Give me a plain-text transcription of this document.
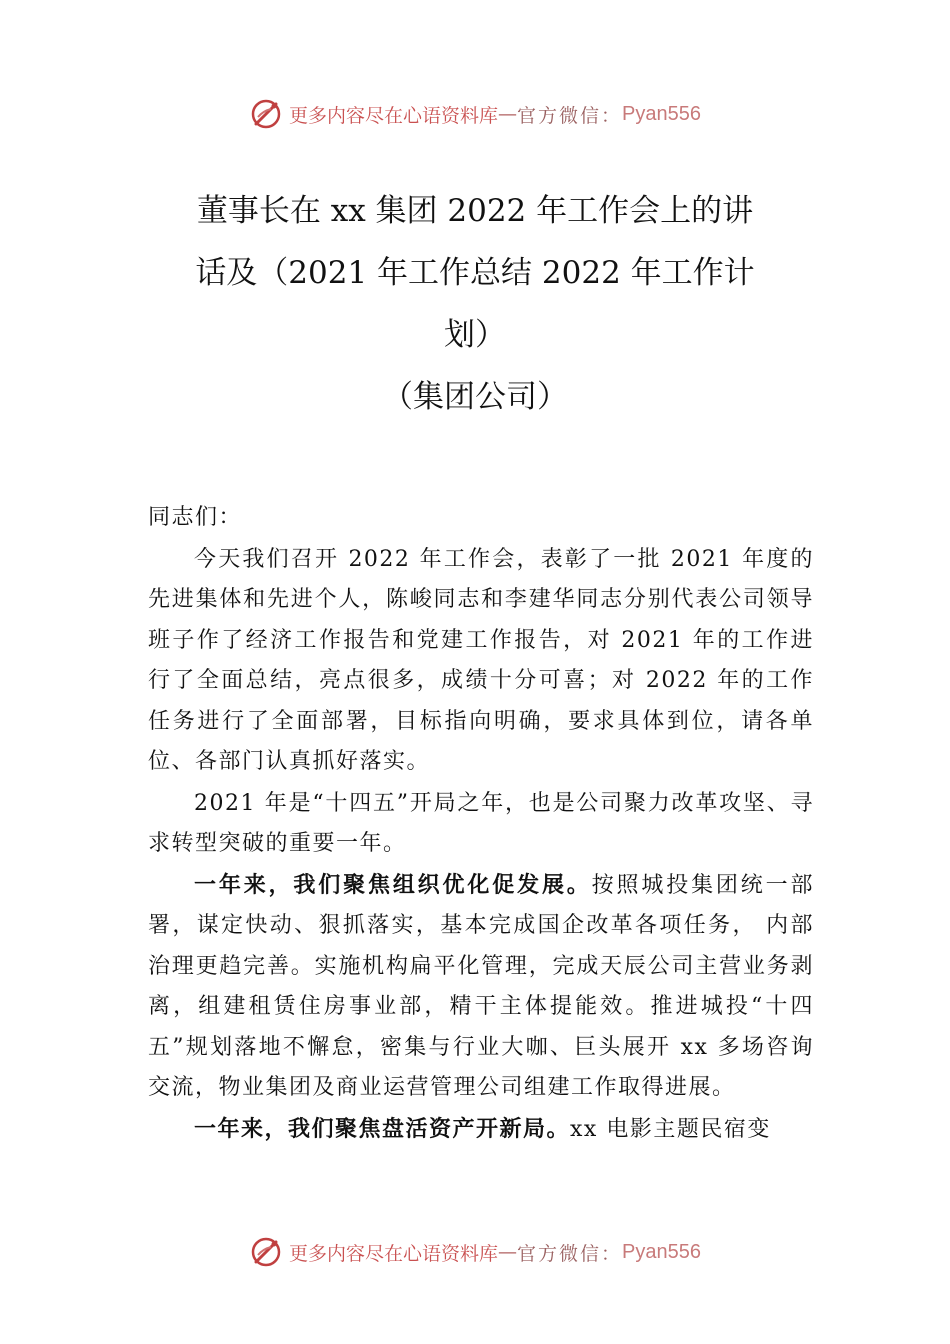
更多内容尽在心语资料库 — 官方微信： Pyan556
董事长在 xx 集团 2022 年工作会上的讲
话及（2021 年工作总结 2022 年工作计
划）
（集团公司）

同志们：

今天我们召开 2022 年工作会，表彰了一批 2021 年度的先进集体和先进个人，陈峻同志和李建华同志分别代表公司领导班子作了经济工作报告和党建工作报告，对 2021 年的工作进行了全面总结，亮点很多，成绩十分可喜；对 2022 年的工作任务进行了全面部署，目标指向明确，要求具体到位，请各单位、各部门认真抓好落实。

2021 年是“十四五”开局之年，也是公司聚力改革攻坚、寻求转型突破的重要一年。

一年来，我们聚焦组织优化促发展。按照城投集团统一部署，谋定快动、狠抓落实，基本完成国企改革各项任务， 内部治理更趋完善。实施机构扁平化管理，完成天辰公司主营业务剥离，组建租赁住房事业部，精干主体提能效。推进城投“十四五”规划落地不懈怠，密集与行业大咖、巨头展开 xx 多场咨询交流，物业集团及商业运营管理公司组建工作取得进展。

一年来，我们聚焦盘活资产开新局。xx 电影主题民宿变

更多内容尽在心语资料库 — 官方微信： Pyan556
